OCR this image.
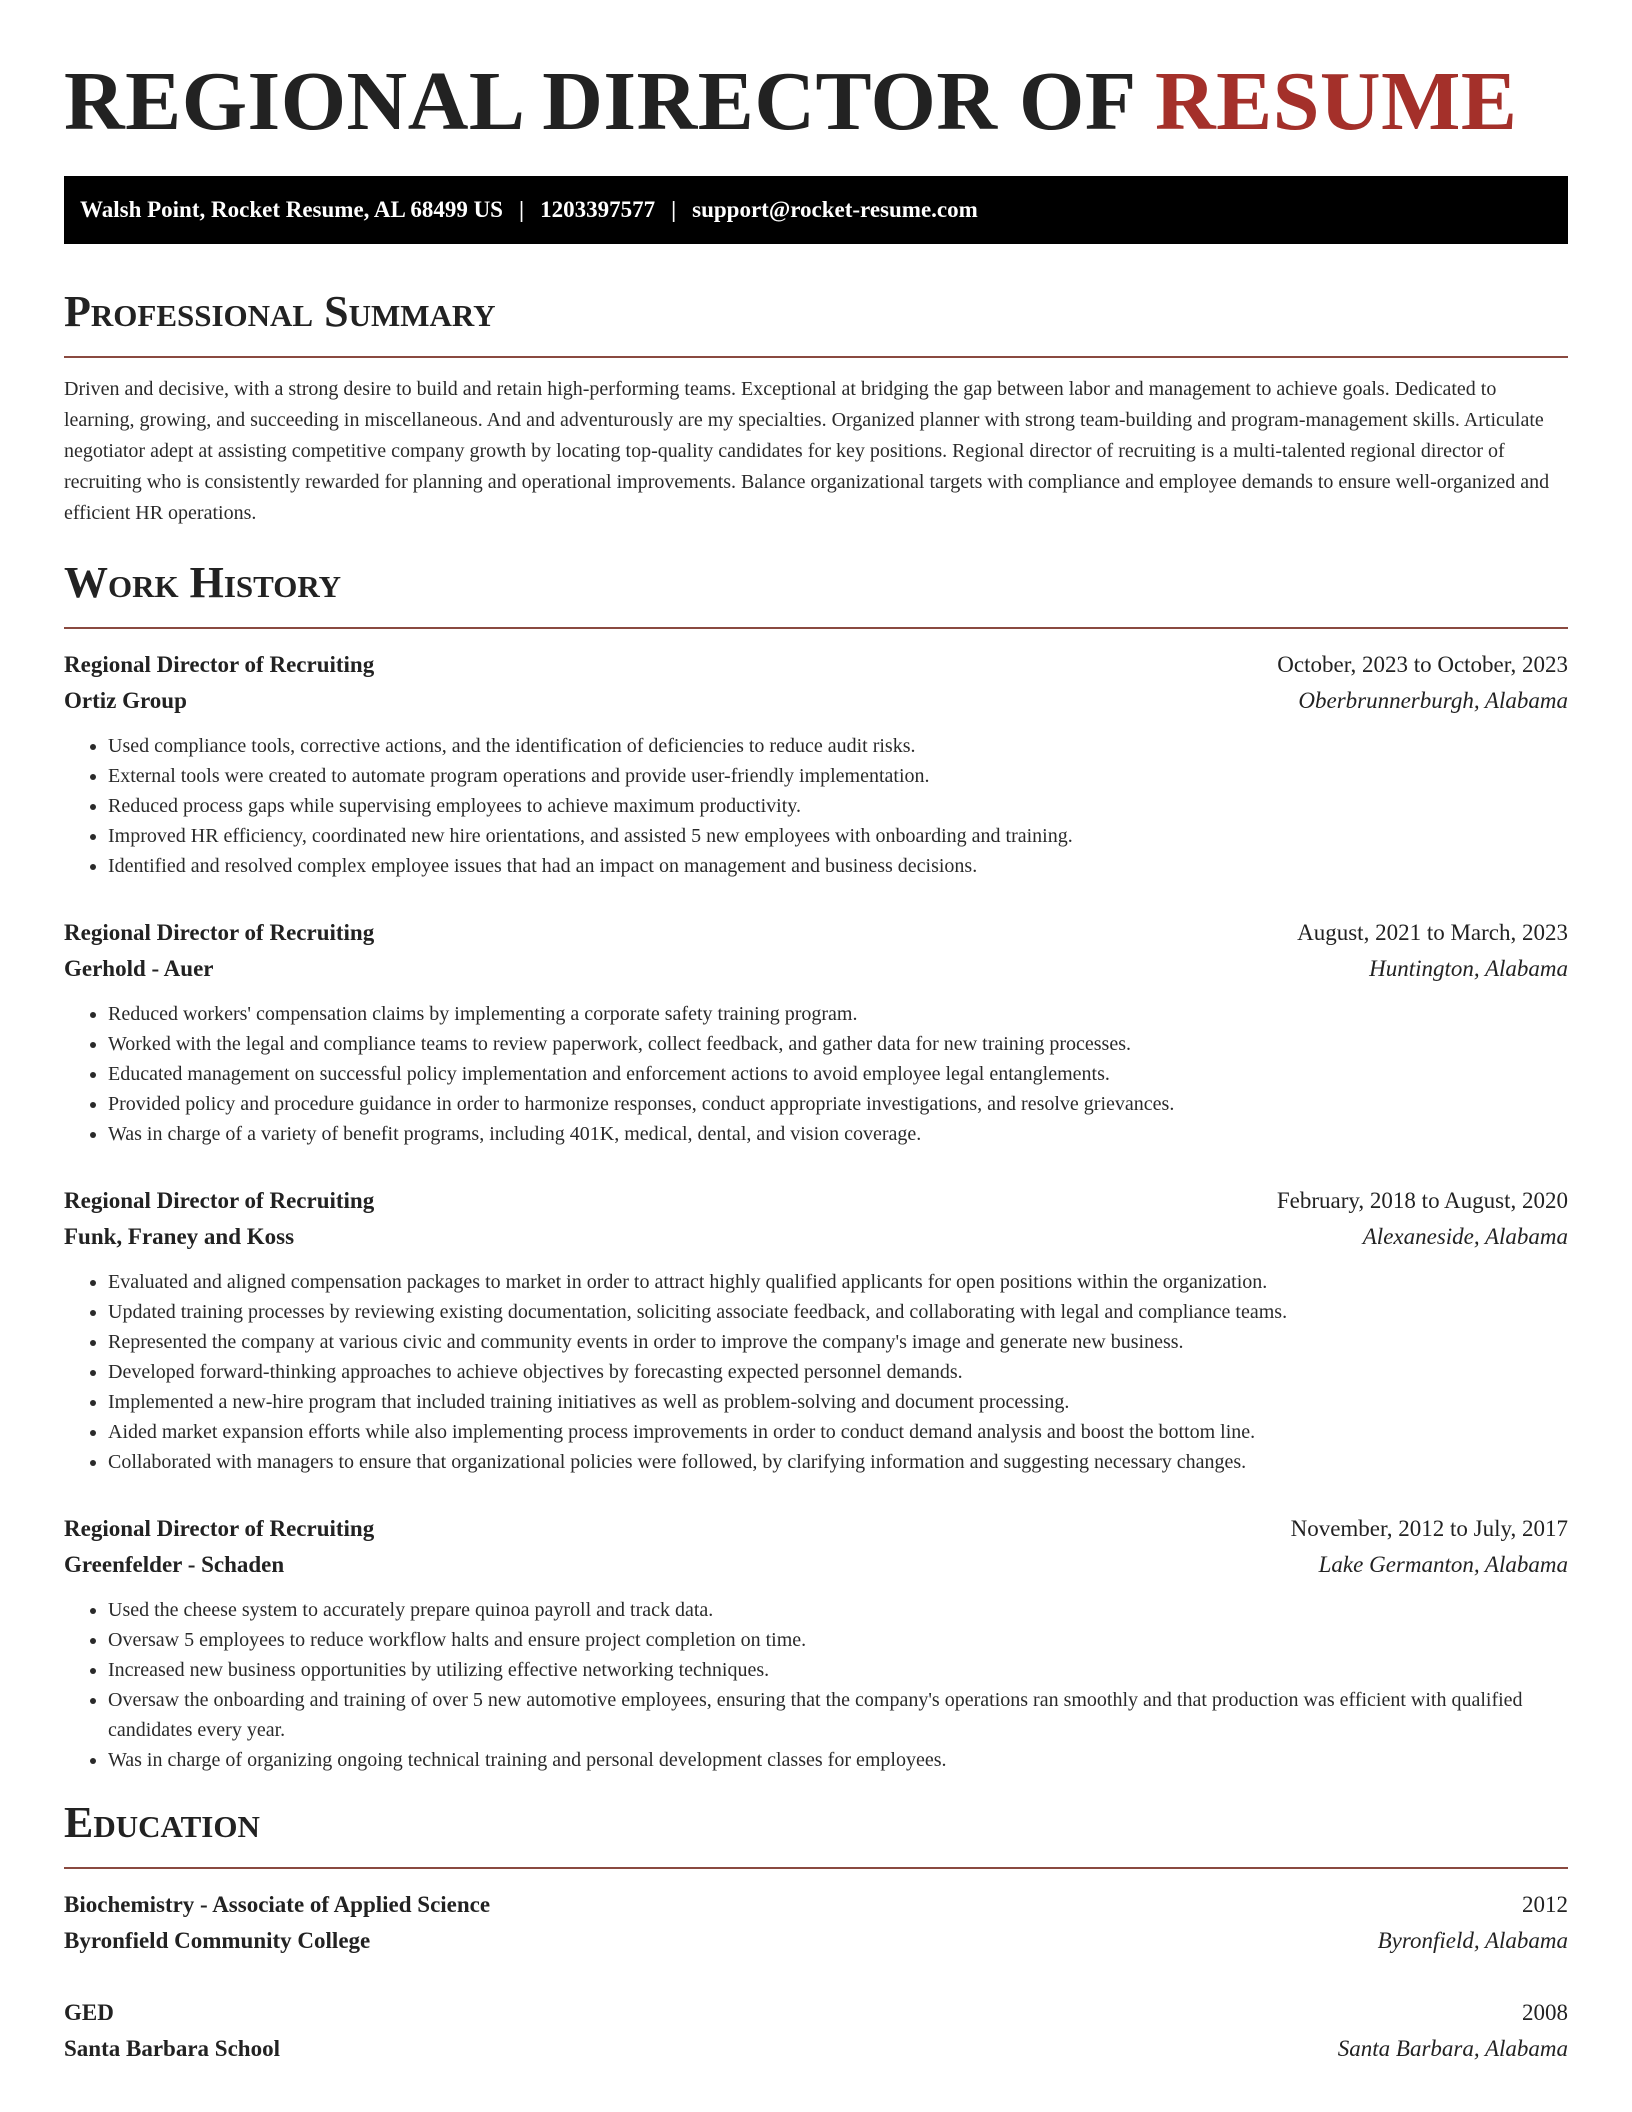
REGIONAL DIRECTOR OF RESUME
Walsh Point, Rocket Resume, AL 68499 US | 1203397577 | support@rocket-resume.com
Professional Summary

Driven and decisive, with a strong desire to build and retain high-performing teams. Exceptional at bridging the gap between labor and management to achieve goals. Dedicated to learning, growing, and succeeding in miscellaneous. And and adventurously are my specialties. Organized planner with strong team-building and program-management skills. Articulate negotiator adept at assisting competitive company growth by locating top-quality candidates for key positions. Regional director of recruiting is a multi-talented regional director of recruiting who is consistently rewarded for planning and operational improvements. Balance organizational targets with compliance and employee demands to ensure well-organized and efficient HR operations.

Work History
Regional Director of Recruiting	October, 2023 to October, 2023
Ortiz Group	Oberbrunnerburgh, Alabama
• Used compliance tools, corrective actions, and the identification of deficiencies to reduce audit risks.
• External tools were created to automate program operations and provide user-friendly implementation.
• Reduced process gaps while supervising employees to achieve maximum productivity.
• Improved HR efficiency, coordinated new hire orientations, and assisted 5 new employees with onboarding and training.
• Identified and resolved complex employee issues that had an impact on management and business decisions.
Regional Director of Recruiting	August, 2021 to March, 2023
Gerhold - Auer	Huntington, Alabama
• Reduced workers' compensation claims by implementing a corporate safety training program.
• Worked with the legal and compliance teams to review paperwork, collect feedback, and gather data for new training processes.
• Educated management on successful policy implementation and enforcement actions to avoid employee legal entanglements.
• Provided policy and procedure guidance in order to harmonize responses, conduct appropriate investigations, and resolve grievances.
• Was in charge of a variety of benefit programs, including 401K, medical, dental, and vision coverage.
Regional Director of Recruiting	February, 2018 to August, 2020
Funk, Franey and Koss	Alexaneside, Alabama
• Evaluated and aligned compensation packages to market in order to attract highly qualified applicants for open positions within the organization.
• Updated training processes by reviewing existing documentation, soliciting associate feedback, and collaborating with legal and compliance teams.
• Represented the company at various civic and community events in order to improve the company's image and generate new business.
• Developed forward-thinking approaches to achieve objectives by forecasting expected personnel demands.
• Implemented a new-hire program that included training initiatives as well as problem-solving and document processing.
• Aided market expansion efforts while also implementing process improvements in order to conduct demand analysis and boost the bottom line.
• Collaborated with managers to ensure that organizational policies were followed, by clarifying information and suggesting necessary changes.
Regional Director of Recruiting	November, 2012 to July, 2017
Greenfelder - Schaden	Lake Germanton, Alabama
• Used the cheese system to accurately prepare quinoa payroll and track data.
• Oversaw 5 employees to reduce workflow halts and ensure project completion on time.
• Increased new business opportunities by utilizing effective networking techniques.
• Oversaw the onboarding and training of over 5 new automotive employees, ensuring that the company's operations ran smoothly and that production was efficient with qualified candidates every year.
• Was in charge of organizing ongoing technical training and personal development classes for employees.
Education
Biochemistry - Associate of Applied Science	2012
Byronfield Community College	Byronfield, Alabama
GED	2008
Santa Barbara School	Santa Barbara, Alabama
